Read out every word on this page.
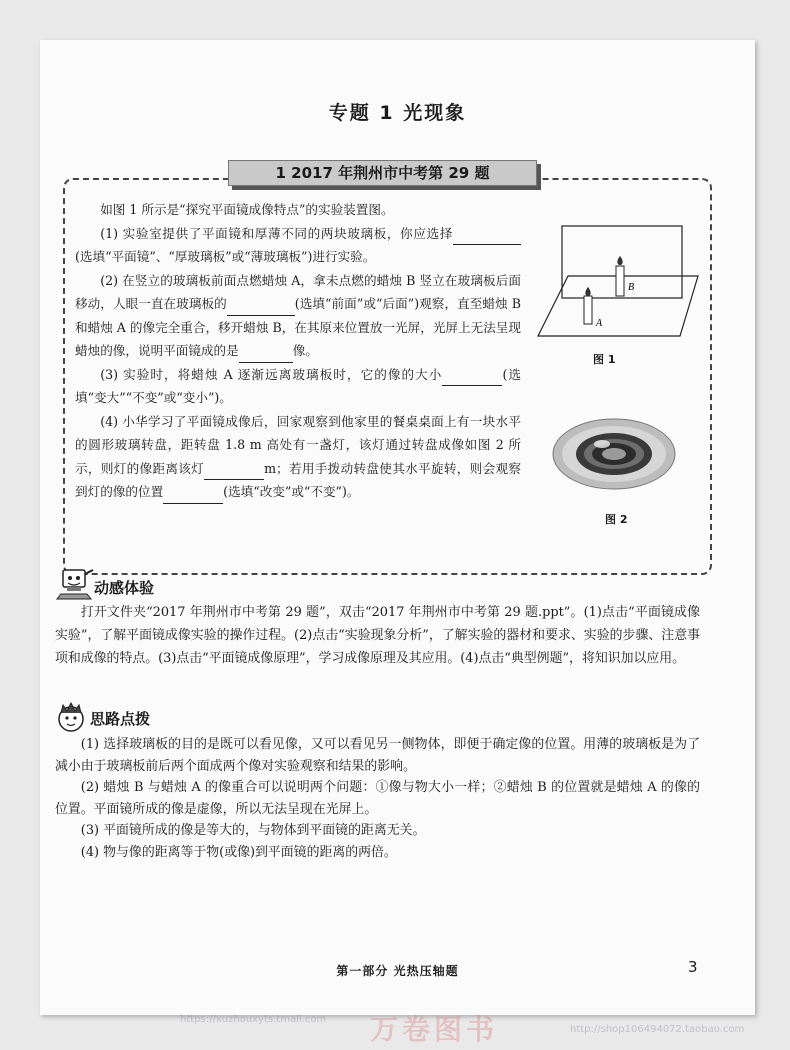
专题 1 光现象
1 2017 年荆州市中考第 29 题

如图 1 所示是“探究平面镜成像特点”的实验装置图。

(1) 实验室提供了平面镜和厚薄不同的两块玻璃板，你应选择(选填“平面镜”、“厚玻璃板”或“薄玻璃板”)进行实验。

(2) 在竖立的玻璃板前面点燃蜡烛 A，拿未点燃的蜡烛 B 竖立在玻璃板后面移动，人眼一直在玻璃板的	(选填“前面”或“后面”)观察，直至蜡烛 B 和蜡烛 A 的像完全重合，移开蜡烛 B，在其原来位置放一光屏，光屏上无法呈现蜡烛的像，说明平面镜成的是	像。

(3) 实验时，将蜡烛 A 逐渐远离玻璃板时，它的像的大小	(选填“变大”“不变”或“变小”)。

(4) 小华学习了平面镜成像后，回家观察到他家里的餐桌桌面上有一块水平的圆形玻璃转盘，距转盘 1.8 m 高处有一盏灯，该灯通过转盘成像如图 2 所示，则灯的像距离该灯	m；若用手拨动转盘使其水平旋转，则会观察到灯的像的位置	(选填“改变”或“不变”)。

A
B
图 1
图 2
动感体验

打开文件夹“2017 年荆州市中考第 29 题”，双击“2017 年荆州市中考第 29 题.ppt”。(1)点击“平面镜成像实验”，了解平面镜成像实验的操作过程。(2)点击“实验现象分析”，了解实验的器材和要求、实验的步骤、注意事项和成像的特点。(3)点击“平面镜成像原理”，学习成像原理及其应用。(4)点击“典型例题”，将知识加以应用。

思路点拨

(1) 选择玻璃板的目的是既可以看见像，又可以看见另一侧物体，即便于确定像的位置。用薄的玻璃板是为了减小由于玻璃板前后两个面成两个像对实验观察和结果的影响。

(2) 蜡烛 B 与蜡烛 A 的像重合可以说明两个问题：①像与物大小一样；②蜡烛 B 的位置就是蜡烛 A 的像的位置。平面镜所成的像是虚像，所以无法呈现在光屏上。

(3) 平面镜所成的像是等大的，与物体到平面镜的距离无关。

(4) 物与像的距离等于物(或像)到平面镜的距离的两倍。

第一部分 光热压轴题	3
https://xuzhouxyts.tmall.com 万卷图书	http://shop106494072.taobao.com
